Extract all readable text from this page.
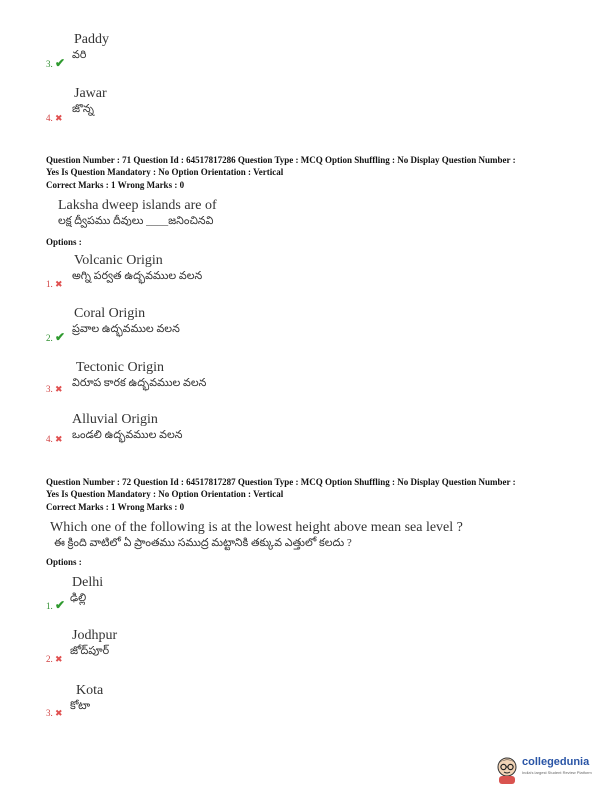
Paddy
వరి
3. ✔
Jawar
జొన్న
4. ✖
Question Number : 71 Question Id : 64517817286 Question Type : MCQ Option Shuffling : No Display Question Number :
Yes Is Question Mandatory : No Option Orientation : Vertical
Correct Marks : 1 Wrong Marks : 0
Laksha dweep islands are of
లక్ష ద్వీపము దీవులు ____జనించినవి
Options :
Volcanic Origin
అగ్ని పర్వత ఉద్భవముల వలన
1. ✖
Coral Origin
ప్రవాల ఉద్భవముల వలన
2. ✔
Tectonic Origin
విరూప కారక ఉద్భవముల వలన
3. ✖
Alluvial Origin
ఒండలి ఉద్భవముల వలన
4. ✖
Question Number : 72 Question Id : 64517817287 Question Type : MCQ Option Shuffling : No Display Question Number :
Yes Is Question Mandatory : No Option Orientation : Vertical
Correct Marks : 1 Wrong Marks : 0
Which one of the following is at the lowest height above mean sea level ?
ఈ క్రింది వాటిలో ఏ ప్రాంతము సముద్ర మట్టానికి తక్కువ ఎత్తులో కలదు ?
Options :
Delhi
ఢిల్లి
1. ✔
Jodhpur
జోద్‌పూర్
2. ✖
Kota
కోటా
3. ✖
collegedunia
India's largest Student Review Platform
